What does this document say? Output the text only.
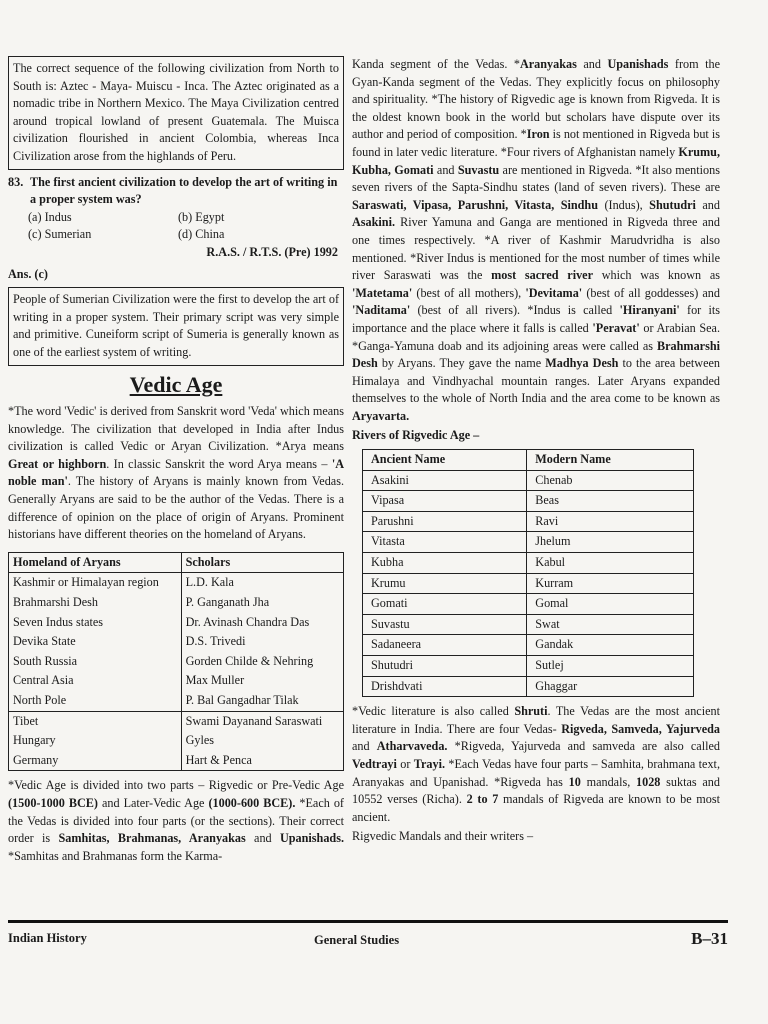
The correct sequence of the following civilization from North to South is: Aztec - Maya- Muiscu - Inca. The Aztec originated as a nomadic tribe in Northern Mexico. The Maya Civilization centred around tropical lowland of present Guatemala. The Muisca civilization flourished in ancient Colombia, whereas Inca Civilization arose from the highlands of Peru.

83. The first ancient civilization to develop the art of writing in a proper system was?
(a) Indus	(b) Egypt
(c) Sumerian	(d) China
R.A.S. / R.T.S. (Pre) 1992
Ans. (c)

People of Sumerian Civilization were the first to develop the art of writing in a proper system. Their primary script was very simple and primitive. Cuneiform script of Sumeria is generally known as one of the earliest system of writing.

Vedic Age

*The word 'Vedic' is derived from Sanskrit word 'Veda' which means knowledge. The civilization that developed in India after Indus civilization is called Vedic or Aryan Civilization. *Arya means Great or highborn. In classic Sanskrit the word Arya means – 'A noble man'. The history of Aryans is mainly known from Vedas. Generally Aryans are said to be the author of the Vedas. There is a difference of opinion on the place of origin of Aryans. Prominent historians have different theories on the homeland of Aryans.

Homeland of Aryans	Scholars
Kashmir or Himalayan region	L.D. Kala
Brahmarshi Desh	P. Ganganath Jha
Seven Indus states	Dr. Avinash Chandra Das
Devika State	D.S. Trivedi
South Russia	Gorden Childe & Nehring
Central Asia	Max Muller
North Pole	P. Bal Gangadhar Tilak
Tibet	Swami Dayanand Saraswati
Hungary	Gyles
Germany	Hart & Penca

*Vedic Age is divided into two parts – Rigvedic or Pre-Vedic Age (1500-1000 BCE) and Later-Vedic Age (1000-600 BCE). *Each of the Vedas is divided into four parts (or the sections). Their correct order is Samhitas, Brahmanas, Aranyakas and Upanishads. *Samhitas and Brahmanas form the Karma-

Kanda segment of the Vedas. *Aranyakas and Upanishads from the Gyan-Kanda segment of the Vedas. They explicitly focus on philosophy and spirituality. *The history of Rigvedic age is known from Rigveda. It is the oldest known book in the world but scholars have dispute over its author and period of composition. *Iron is not mentioned in Rigveda but is found in later vedic literature. *Four rivers of Afghanistan namely Krumu, Kubha, Gomati and Suvastu are mentioned in Rigveda. *It also mentions seven rivers of the Sapta-Sindhu states (land of seven rivers). These are Saraswati, Vipasa, Parushni, Vitasta, Sindhu (Indus), Shutudri and Asakini. River Yamuna and Ganga are mentioned in Rigveda three and one times respectively. *A river of Kashmir Marudvridha is also mentioned. *River Indus is mentioned for the most number of times while river Saraswati was the most sacred river which was known as 'Matetama' (best of all mothers), 'Devitama' (best of all goddesses) and 'Naditama' (best of all rivers). *Indus is called 'Hiranyani' for its importance and the place where it falls is called 'Peravat' or Arabian Sea. *Ganga-Yamuna doab and its adjoining areas were called as Brahmarshi Desh by Aryans. They gave the name Madhya Desh to the area between Himalaya and Vindhyachal mountain ranges. Later Aryans expanded themselves to the whole of North India and the area come to be known as Aryavarta.

Rivers of Rigvedic Age –
Ancient Name	Modern Name
Asakini	Chenab
Vipasa	Beas
Parushni	Ravi
Vitasta	Jhelum
Kubha	Kabul
Krumu	Kurram
Gomati	Gomal
Suvastu	Swat
Sadaneera	Gandak
Shutudri	Sutlej
Drishdvati	Ghaggar

*Vedic literature is also called Shruti. The Vedas are the most ancient literature in India. There are four Vedas- Rigveda, Samveda, Yajurveda and Atharvaveda. *Rigveda, Yajurveda and samveda are also called Vedtrayi or Trayi. *Each Vedas have four parts – Samhita, brahmana text, Aranyakas and Upanishad. *Rigveda has 10 mandals, 1028 suktas and 10552 verses (Richa). 2 to 7 mandals of Rigveda are known to be most ancient.

Rigvedic Mandals and their writers –

Indian History	General Studies	B–31
